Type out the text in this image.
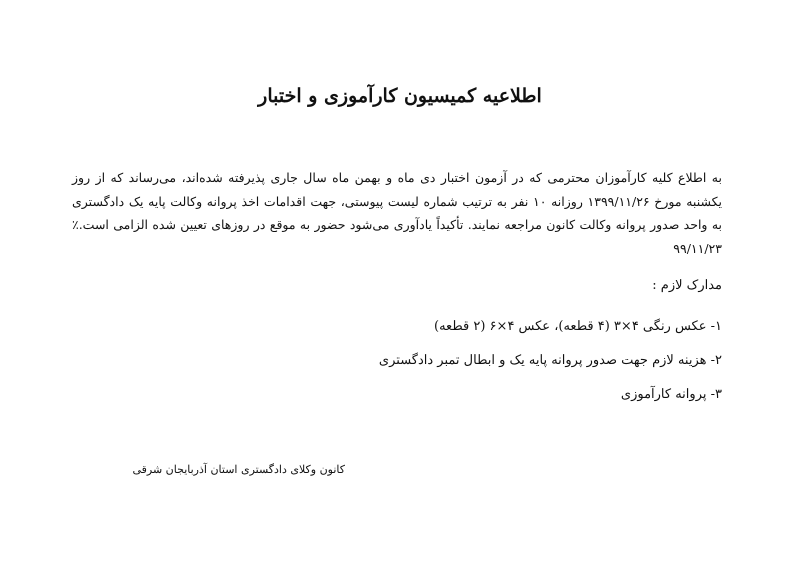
اطلاعیه کمیسیون کارآموزی و اختبار

به اطلاع کلیه کارآموزان محترمی که در آزمون اختبار دی ماه و بهمن ماه سال جاری پذیرفته شده‌اند، می‌رساند که از روز یکشنبه مورخ ۱۳۹۹/۱۱/۲۶ روزانه ۱۰ نفر به ترتیب شماره لیست پیوستی، جهت اقدامات اخذ پروانه وکالت پایه یک دادگستری به واحد صدور پروانه وکالت کانون مراجعه نمایند. تأکیداً یادآوری می‌شود حضور به موقع در روزهای تعیین شده الزامی است.٪ ۹۹/۱۱/۲۳

مدارک لازم :

۱- عکس رنگی ۴×۳ (۴ قطعه)، عکس ۴×۶ (۲ قطعه)
۲- هزینه لازم جهت صدور پروانه پایه یک و ابطال تمبر دادگستری
۳- پروانه کارآموزی

کانون وکلای دادگستری استان آذربایجان شرقی
